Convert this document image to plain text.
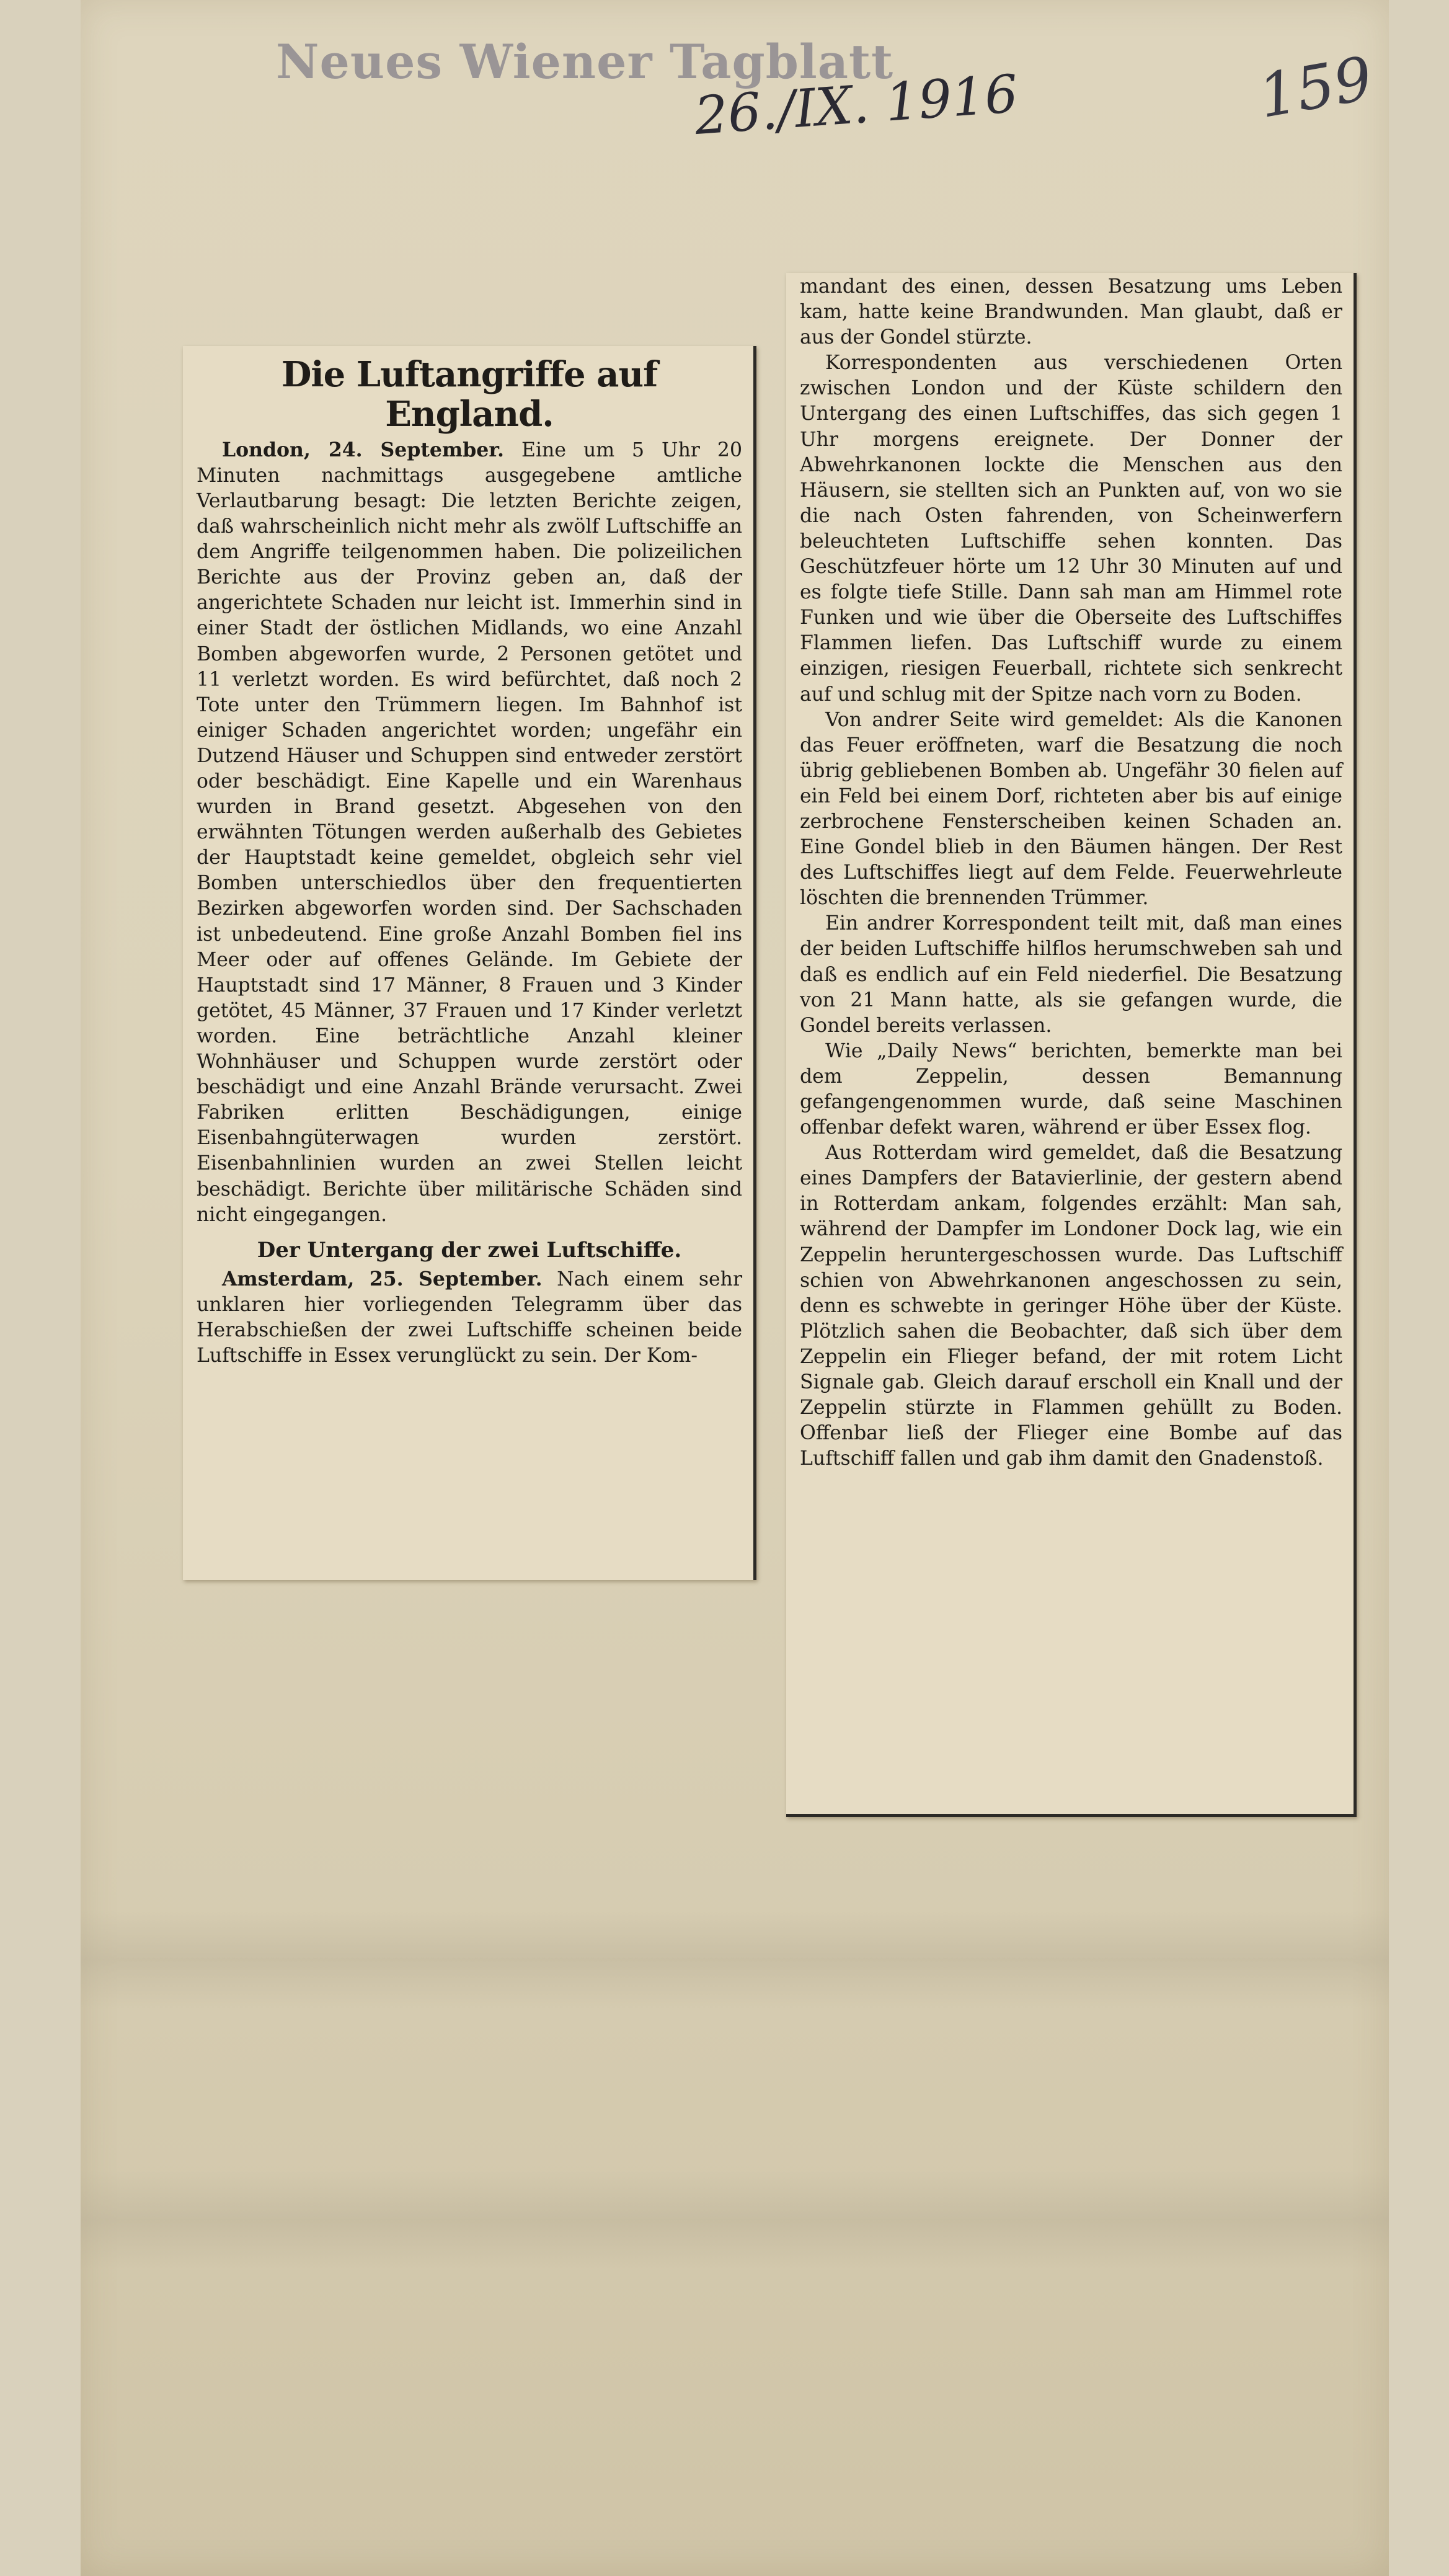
Neues Wiener Tagblatt
26./IX. 1916	159
Die Luftangriffe auf England.

London, 24. September. Eine um 5 Uhr 20 Minuten nachmittags ausgegebene amtliche Verlautbarung besagt: Die letzten Berichte zeigen, daß wahrscheinlich nicht mehr als zwölf Luftschiffe an dem Angriffe teilgenommen haben. Die polizeilichen Berichte aus der Provinz geben an, daß der angerichtete Schaden nur leicht ist. Immerhin sind in einer Stadt der östlichen Midlands, wo eine Anzahl Bomben abgeworfen wurde, 2 Personen getötet und 11 verletzt worden. Es wird befürchtet, daß noch 2 Tote unter den Trümmern liegen. Im Bahnhof ist einiger Schaden angerichtet worden; ungefähr ein Dutzend Häuser und Schuppen sind entweder zerstört oder beschädigt. Eine Kapelle und ein Warenhaus wurden in Brand gesetzt. Abgesehen von den erwähnten Tötungen werden außerhalb des Gebietes der Hauptstadt keine gemeldet, obgleich sehr viel Bomben unterschiedlos über den frequentierten Bezirken abgeworfen worden sind. Der Sachschaden ist unbedeutend. Eine große Anzahl Bomben fiel ins Meer oder auf offenes Gelände. Im Gebiete der Hauptstadt sind 17 Männer, 8 Frauen und 3 Kinder getötet, 45 Männer, 37 Frauen und 17 Kinder verletzt worden. Eine beträchtliche Anzahl kleiner Wohnhäuser und Schuppen wurde zerstört oder beschädigt und eine Anzahl Brände verursacht. Zwei Fabriken erlitten Beschädigungen, einige Eisenbahngüterwagen wurden zerstört. Eisenbahnlinien wurden an zwei Stellen leicht beschädigt. Berichte über militärische Schäden sind nicht eingegangen.

Der Untergang der zwei Luftschiffe.

Amsterdam, 25. September. Nach einem sehr unklaren hier vorliegenden Telegramm über das Herabschießen der zwei Luftschiffe scheinen beide Luftschiffe in Essex verunglückt zu sein. Der Kom-

mandant des einen, dessen Besatzung ums Leben kam, hatte keine Brandwunden. Man glaubt, daß er aus der Gondel stürzte.

Korrespondenten aus verschiedenen Orten zwischen London und der Küste schildern den Untergang des einen Luftschiffes, das sich gegen 1 Uhr morgens ereignete. Der Donner der Abwehrkanonen lockte die Menschen aus den Häusern, sie stellten sich an Punkten auf, von wo sie die nach Osten fahrenden, von Scheinwerfern beleuchteten Luftschiffe sehen konnten. Das Geschützfeuer hörte um 12 Uhr 30 Minuten auf und es folgte tiefe Stille. Dann sah man am Himmel rote Funken und wie über die Oberseite des Luftschiffes Flammen liefen. Das Luftschiff wurde zu einem einzigen, riesigen Feuerball, richtete sich senkrecht auf und schlug mit der Spitze nach vorn zu Boden.

Von andrer Seite wird gemeldet: Als die Kanonen das Feuer eröffneten, warf die Besatzung die noch übrig gebliebenen Bomben ab. Ungefähr 30 fielen auf ein Feld bei einem Dorf, richteten aber bis auf einige zerbrochene Fensterscheiben keinen Schaden an. Eine Gondel blieb in den Bäumen hängen. Der Rest des Luftschiffes liegt auf dem Felde. Feuerwehrleute löschten die brennenden Trümmer.

Ein andrer Korrespondent teilt mit, daß man eines der beiden Luftschiffe hilflos herumschweben sah und daß es endlich auf ein Feld niederfiel. Die Besatzung von 21 Mann hatte, als sie gefangen wurde, die Gondel bereits verlassen.

Wie „Daily News“ berichten, bemerkte man bei dem Zeppelin, dessen Bemannung gefangengenommen wurde, daß seine Maschinen offenbar defekt waren, während er über Essex flog.

Aus Rotterdam wird gemeldet, daß die Besatzung eines Dampfers der Batavierlinie, der gestern abend in Rotterdam ankam, folgendes erzählt: Man sah, während der Dampfer im Londoner Dock lag, wie ein Zeppelin heruntergeschossen wurde. Das Luftschiff schien von Abwehrkanonen angeschossen zu sein, denn es schwebte in geringer Höhe über der Küste. Plötzlich sahen die Beobachter, daß sich über dem Zeppelin ein Flieger befand, der mit rotem Licht Signale gab. Gleich darauf erscholl ein Knall und der Zeppelin stürzte in Flammen gehüllt zu Boden. Offenbar ließ der Flieger eine Bombe auf das Luftschiff fallen und gab ihm damit den Gnadenstoß.
